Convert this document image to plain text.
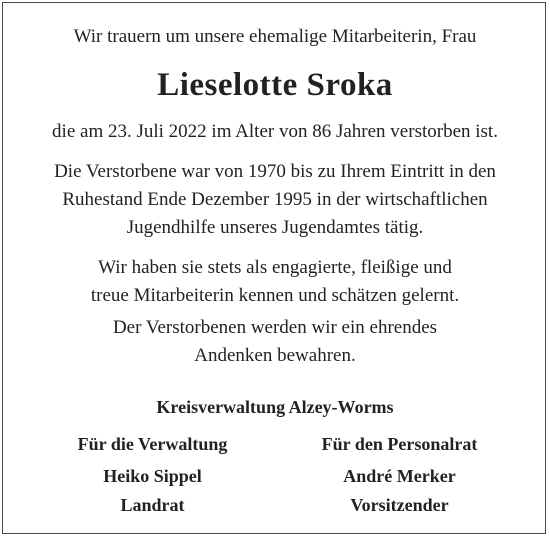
Wir trauern um unsere ehemalige Mitarbeiterin, Frau
Lieselotte Sroka
die am 23. Juli 2022 im Alter von 86 Jahren verstorben ist.
Die Verstorbene war von 1970 bis zu Ihrem Eintritt in den
Ruhestand Ende Dezember 1995 in der wirtschaftlichen
Jugendhilfe unseres Jugendamtes tätig.
Wir haben sie stets als engagierte, fleißige und
treue Mitarbeiterin kennen und schätzen gelernt.
Der Verstorbenen werden wir ein ehrendes
Andenken bewahren.
Kreisverwaltung Alzey-Worms
Für die Verwaltung
Heiko Sippel
Landrat
Für den Personalrat
André Merker
Vorsitzender
